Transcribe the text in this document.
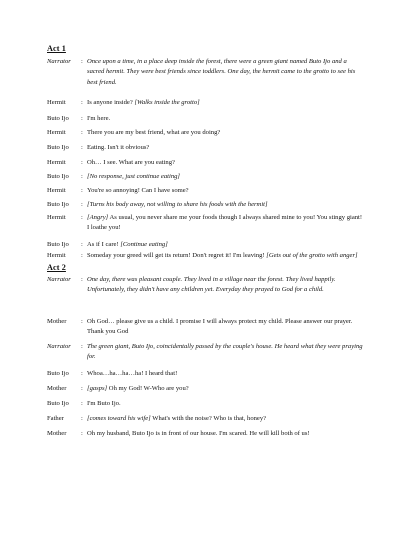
Act 1
Narrator	: Once upon a time, in a place deep inside the forest, there were a green giant named Buto Ijo and a sacred hermit. They were best friends since toddlers. One day, the hermit came to the grotto to see his best friend.
Hermit	: Is anyone inside? [Walks inside the grotto]
Buto Ijo	: I'm here.
Hermit	: There you are my best friend, what are you doing?
Buto Ijo	: Eating. Isn't it obvious?
Hermit	: Oh… I see. What are you eating?
Buto Ijo	: [No response, just continue eating]
Hermit	: You're so annoying! Can I have some?
Buto Ijo	: [Turns his body away, not willing to share his foods with the hermit]
Hermit	: [Angry] As usual, you never share me your foods though I always shared mine to you! You stingy giant! I loathe you!
Buto Ijo	: As if I care! [Continue eating]
Hermit	: Someday your greed will get its return! Don't regret it! I'm leaving! [Gets out of the grotto with anger]
Act 2
Narrator	: One day, there was pleasant couple. They lived in a village near the forest. They lived happily. Unfortunately, they didn't have any children yet. Everyday they prayed to God for a child.
Mother	: Oh God… please give us a child. I promise I will always protect my child. Please answer our prayer. Thank you God
Narrator	: The green giant, Buto Ijo, coincidentally passed by the couple's house. He heard what they were praying for.
Buto Ijo	: Whoa…ha…ha…ha! I heard that!
Mother	: [gasps] Oh my God! W-Who are you?
Buto Ijo	: I'm Buto Ijo.
Father	: [comes toward his wife] What's with the noise? Who is that, honey?
Mother	: Oh my husband, Buto Ijo is in front of our house. I'm scared. He will kill both of us!
